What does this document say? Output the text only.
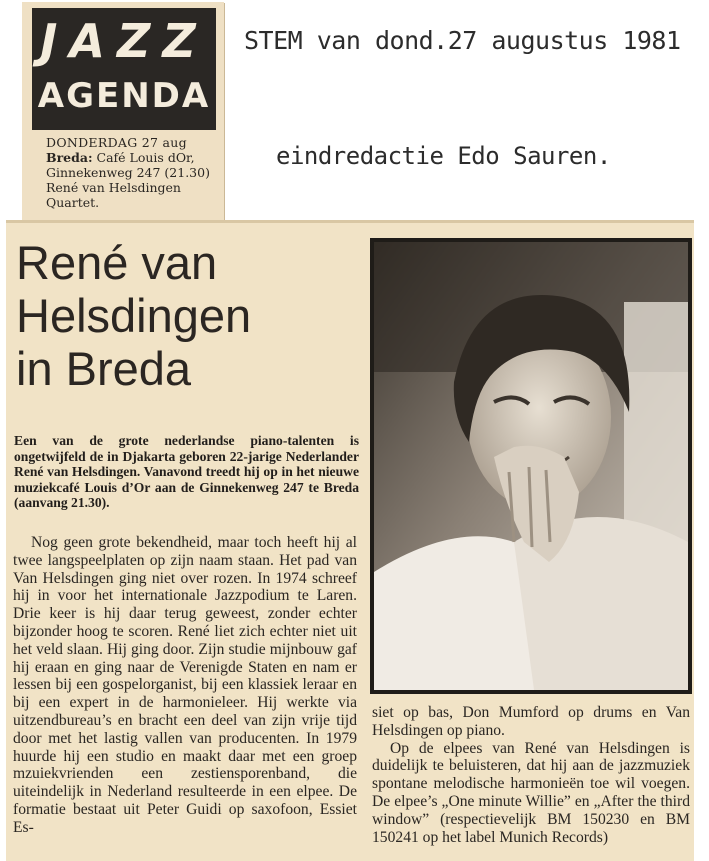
JAZZ
AGENDA
DONDERDAG 27 aug
Breda: Café Louis dOr,
Ginnekenweg 247 (21.30)
René van Helsdingen
Quartet.
STEM van dond.27 augustus 1981
eindredactie Edo Sauren.
René van
Helsdingen
in Breda
Een van de grote nederlandse piano-talenten is ongetwijfeld de in Djakarta geboren 22-jarige Nederlander René van Helsdingen. Vanavond treedt hij op in het nieuwe muziekcafé Louis d’Or aan de Ginnekenweg 247 te Breda (aanvang 21.30).

Nog geen grote bekendheid, maar toch heeft hij al twee langspeelplaten op zijn naam staan. Het pad van Van Helsdingen ging niet over rozen. In 1974 schreef hij in voor het internationale Jazzpodium te Laren. Drie keer is hij daar terug geweest, zonder echter bijzonder hoog te scoren. René liet zich echter niet uit het veld slaan. Hij ging door. Zijn studie mijnbouw gaf hij eraan en ging naar de Verenigde Staten en nam er lessen bij een gospelorganist, bij een klassiek leraar en bij een expert in de harmonieleer. Hij werkte via uitzendbureau’s en bracht een deel van zijn vrije tijd door met het lastig vallen van producenten. In 1979 huurde hij een studio en maakt daar met een groep mzuiekvrienden een zestiensporenband, die uiteindelijk in Nederland resulteerde in een elpee. De formatie bestaat uit Peter Guidi op saxofoon, Essiet Es-

siet op bas, Don Mumford op drums en Van Helsdingen op piano.

Op de elpees van René van Helsdingen is duidelijk te beluisteren, dat hij aan de jazzmuziek spontane melodische harmonieën toe wil voegen. De elpee’s „One minute Willie” en „After the third window” (respectievelijk BM 150230 en BM 150241 op het label Munich Records)
